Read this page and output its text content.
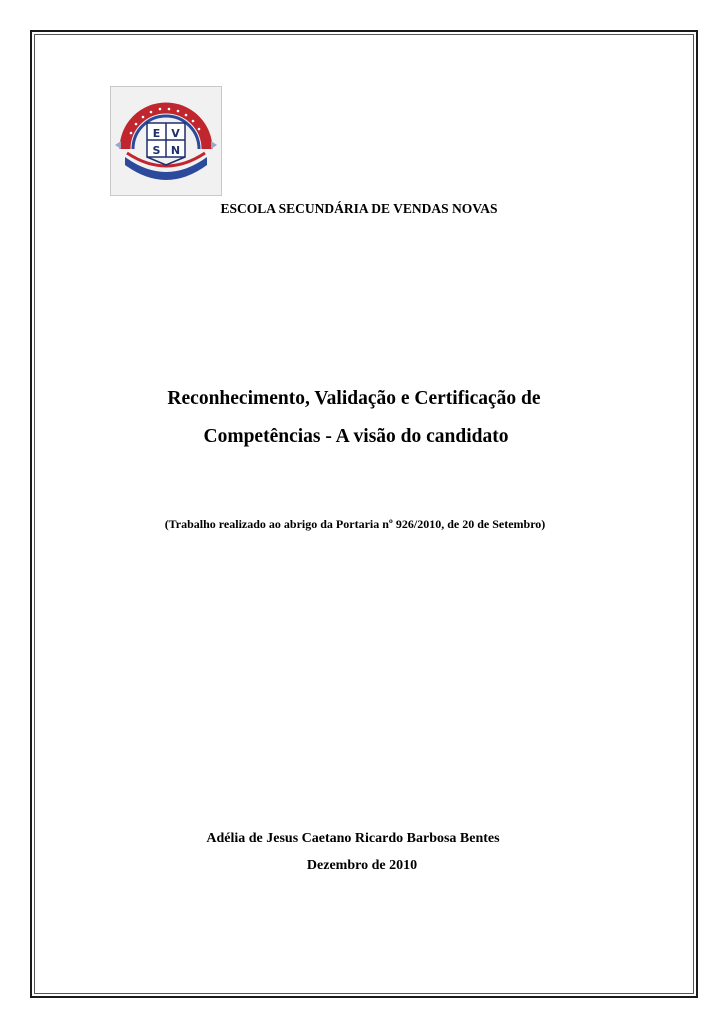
E V
S N
ESCOLA SECUNDÁRIA DE VENDAS NOVAS
Reconhecimento, Validação e Certificação de
Competências - A visão do candidato
(Trabalho realizado ao abrigo da Portaria nº 926/2010, de 20 de Setembro)
Adélia de Jesus Caetano Ricardo Barbosa Bentes
Dezembro de 2010
